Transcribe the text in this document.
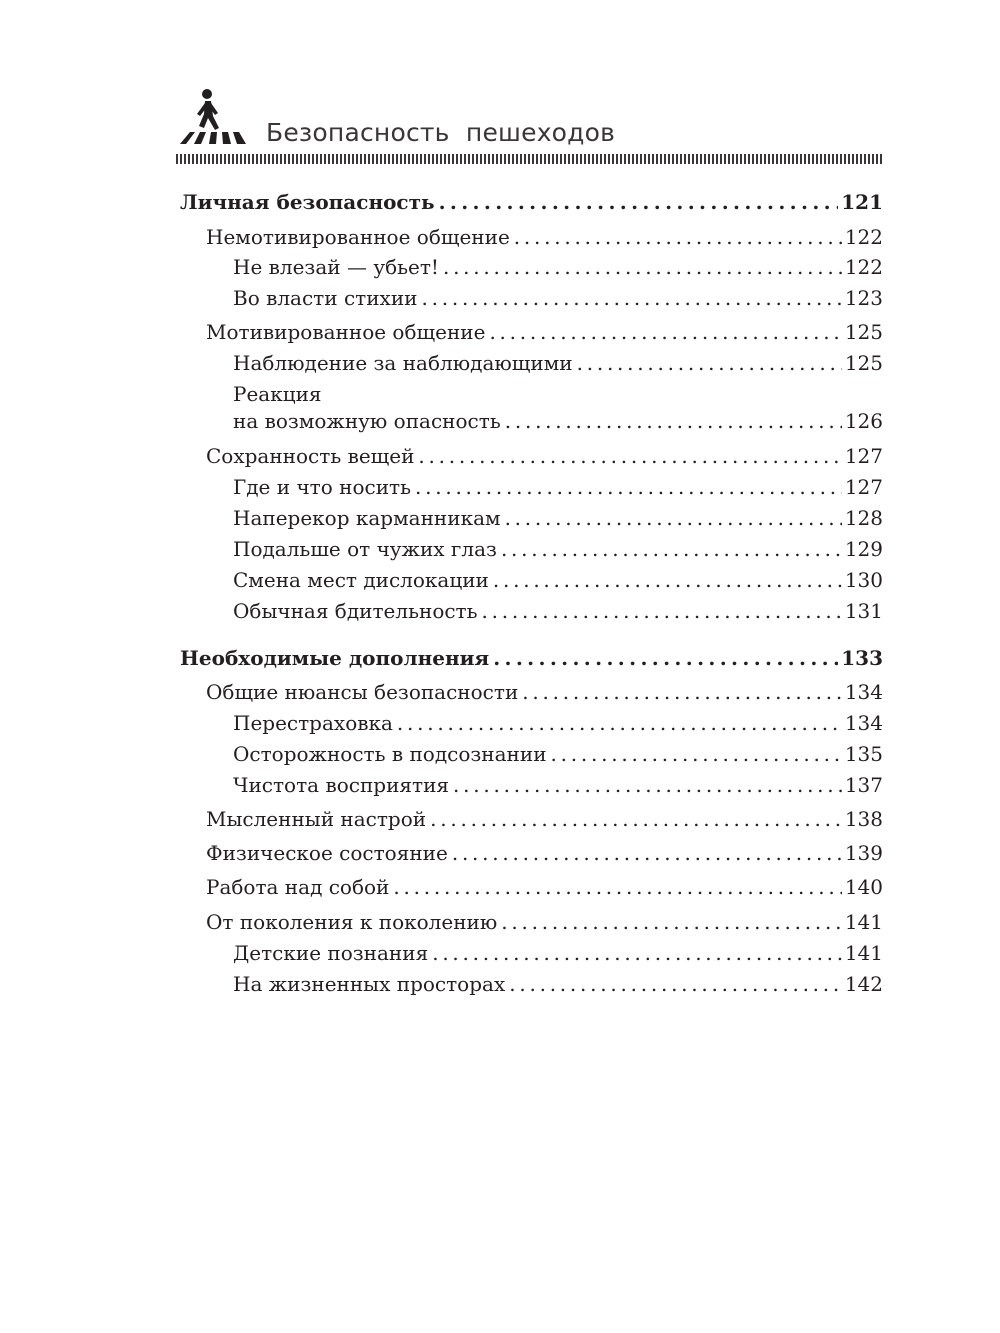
Безопасность  пешеходов
Личная безопасность . . .	121
Немотивированное общение . . .	122
Не влезай — убьет! . . .	122
Во власти стихии . . .	123
Мотивированное общение . . .	125
Наблюдение за наблюдающими . . .	125
Реакция
на возможную опасность . . .	126
Сохранность вещей . . .	127
Где и что носить . . .	127
Наперекор карманникам . . .	128
Подальше от чужих глаз . . .	129
Смена мест дислокации . . .	130
Обычная бдительность . . .	131
Необходимые дополнения . . .	133
Общие нюансы безопасности . . .	134
Перестраховка . . .	134
Осторожность в подсознании . . .	135
Чистота восприятия . . .	137
Мысленный настрой . . .	138
Физическое состояние . . .	139
Работа над собой . . .	140
От поколения к поколению . . .	141
Детские познания . . .	141
На жизненных просторах . . .	142
